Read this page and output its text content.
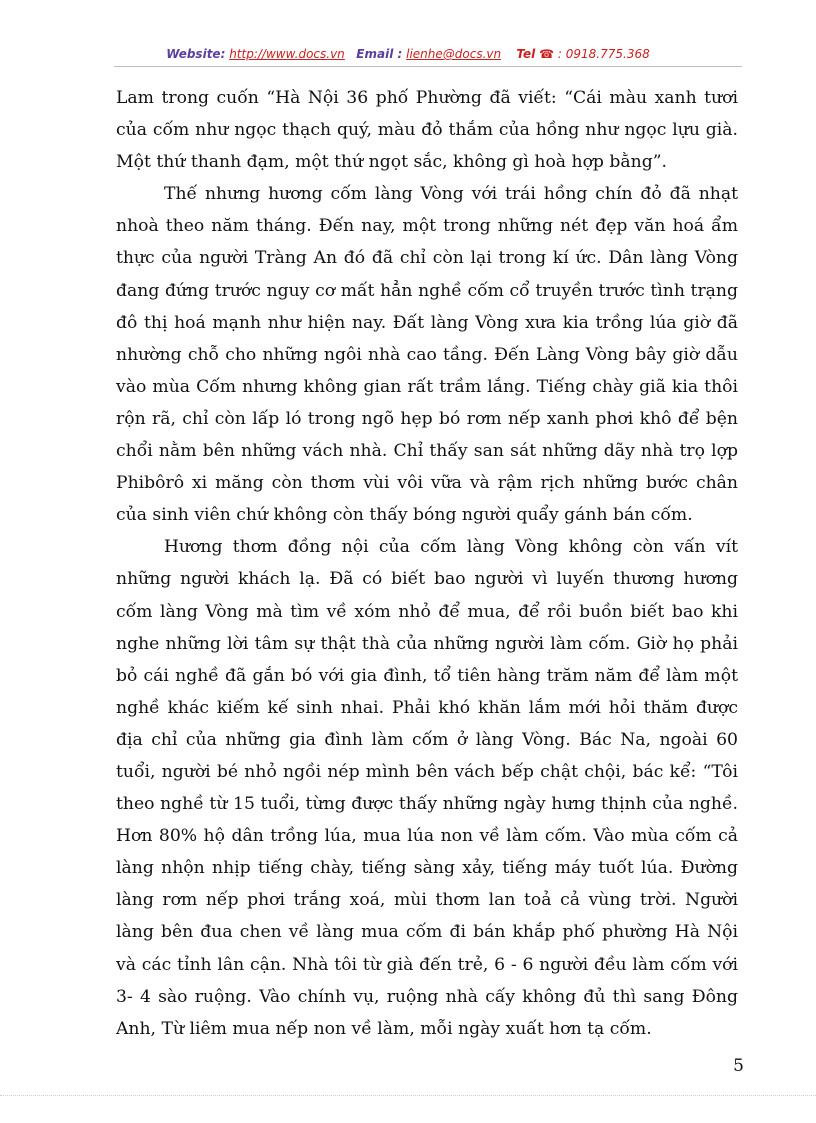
Website: http://www.docs.vn Email : lienhe@docs.vn Tel ☎ : 0918.775.368

Lam trong cuốn “Hà Nội 36 phố Phường đã viết: “Cái màu xanh tươi của cốm như ngọc thạch quý, màu đỏ thắm của hồng như ngọc lựu già. Một thứ thanh đạm, một thứ ngọt sắc, không gì hoà hợp bằng”.

Thế nhưng hương cốm làng Vòng với trái hồng chín đỏ đã nhạt nhoà theo năm tháng. Đến nay, một trong những nét đẹp văn hoá ẩm thực của người Tràng An đó đã chỉ còn lại trong kí ức. Dân làng Vòng đang đứng trước nguy cơ mất hẳn nghề cốm cổ truyền trước tình trạng đô thị hoá mạnh như hiện nay. Đất làng Vòng xưa kia trồng lúa giờ đã nhường chỗ cho những ngôi nhà cao tầng. Đến Làng Vòng bây giờ dẫu vào mùa Cốm nhưng không gian rất trầm lắng. Tiếng chày giã kia thôi rộn rã, chỉ còn lấp ló trong ngõ hẹp bó rơm nếp xanh phơi khô để bện chổi nằm bên những vách nhà. Chỉ thấy san sát những dãy nhà trọ lợp Phibôrô xi măng còn thơm vùi vôi vữa và rậm rịch những bước chân của sinh viên chứ không còn thấy bóng người quẩy gánh bán cốm.

Hương thơm đồng nội của cốm làng Vòng không còn vấn vít những người khách lạ. Đã có biết bao người vì luyến thương hương cốm làng Vòng mà tìm về xóm nhỏ để mua, để rồi buồn biết bao khi nghe những lời tâm sự thật thà của những người làm cốm. Giờ họ phải bỏ cái nghề đã gắn bó với gia đình, tổ tiên hàng trăm năm để làm một nghề khác kiếm kế sinh nhai. Phải khó khăn lắm mới hỏi thăm được địa chỉ của những gia đình làm cốm ở làng Vòng. Bác Na, ngoài 60 tuổi, người bé nhỏ ngồi nép mình bên vách bếp chật chội, bác kể: “Tôi theo nghề từ 15 tuổi, từng được thấy những ngày hưng thịnh của nghề. Hơn 80% hộ dân trồng lúa, mua lúa non về làm cốm. Vào mùa cốm cả làng nhộn nhịp tiếng chày, tiếng sàng xảy, tiếng máy tuốt lúa. Đường làng rơm nếp phơi trắng xoá, mùi thơm lan toả cả vùng trời. Người làng bên đua chen về làng mua cốm đi bán khắp phố phường Hà Nội và các tỉnh lân cận. Nhà tôi từ già đến trẻ, 6 - 6 người đều làm cốm với 3- 4 sào ruộng. Vào chính vụ, ruộng nhà cấy không đủ thì sang Đông Anh, Từ liêm mua nếp non về làm, mỗi ngày xuất hơn tạ cốm.

5
